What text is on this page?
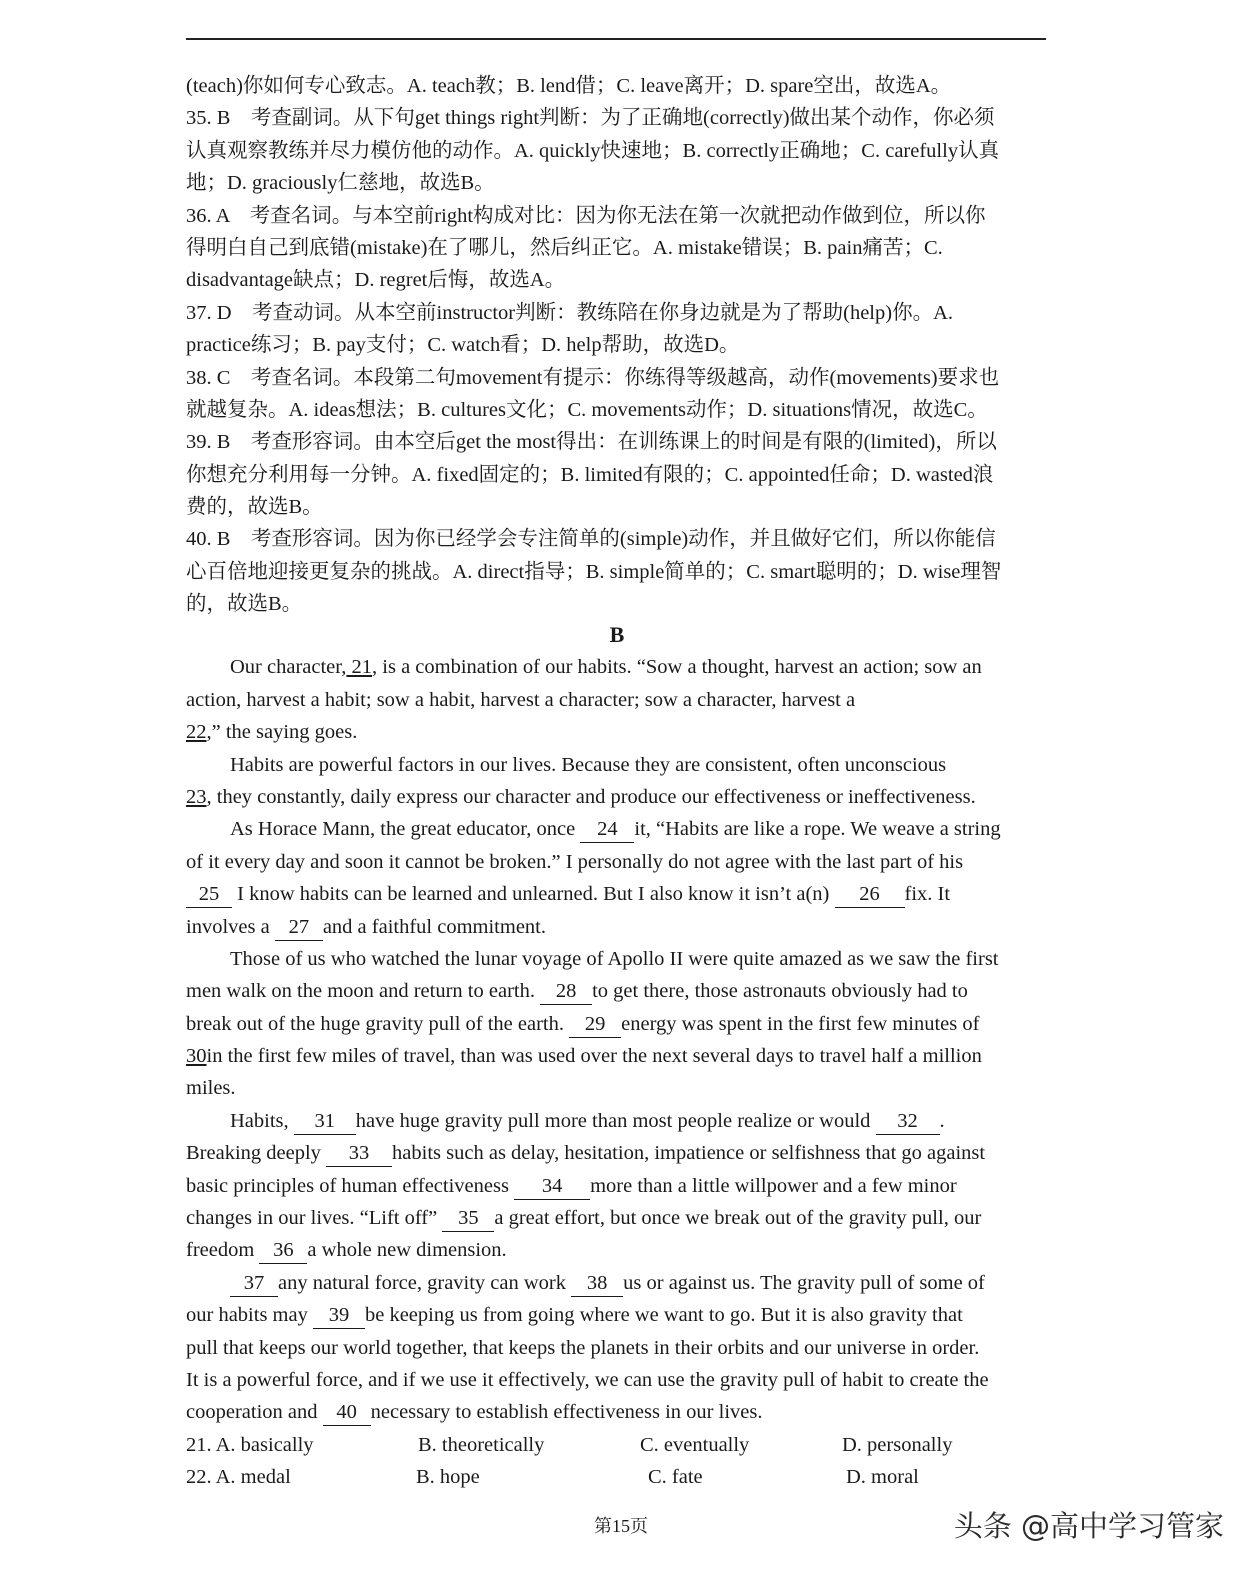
(teach)你如何专心致志。A. teach教；B. lend借；C. leave离开；D. spare空出，故选A。
35. B　考查副词。从下句get things right判断：为了正确地(correctly)做出某个动作，你必须
认真观察教练并尽力模仿他的动作。A. quickly快速地；B. correctly正确地；C. carefully认真
地；D. graciously仁慈地，故选B。
36. A　考查名词。与本空前right构成对比：因为你无法在第一次就把动作做到位，所以你
得明白自己到底错(mistake)在了哪儿，然后纠正它。A. mistake错误；B. pain痛苦；C.
disadvantage缺点；D. regret后悔，故选A。
37. D　考查动词。从本空前instructor判断：教练陪在你身边就是为了帮助(help)你。A.
practice练习；B. pay支付；C. watch看；D. help帮助，故选D。
38. C　考查名词。本段第二句movement有提示：你练得等级越高，动作(movements)要求也
就越复杂。A. ideas想法；B. cultures文化；C. movements动作；D. situations情况，故选C。
39. B　考查形容词。由本空后get the most得出：在训练课上的时间是有限的(limited)，所以
你想充分利用每一分钟。A. fixed固定的；B. limited有限的；C. appointed任命；D. wasted浪
费的，故选B。
40. B　考查形容词。因为你已经学会专注简单的(simple)动作，并且做好它们，所以你能信
心百倍地迎接更复杂的挑战。A. direct指导；B. simple简单的；C. smart聪明的；D. wise理智
的，故选B。
B
Our character, 21, is a combination of our habits. “Sow a thought, harvest an action; sow an
action, harvest a habit; sow a habit, harvest a character; sow a character, harvest a
22,” the saying goes.
Habits are powerful factors in our lives. Because they are consistent, often unconscious
23, they constantly, daily express our character and produce our effectiveness or ineffectiveness.
As Horace Mann, the great educator, once 24 it, “Habits are like a rope. We weave a string
of it every day and soon it cannot be broken.” I personally do not agree with the last part of his
25 I know habits can be learned and unlearned. But I also know it isn’t a(n) 26 fix. It
involves a 27 and a faithful commitment.
Those of us who watched the lunar voyage of Apollo II were quite amazed as we saw the first
men walk on the moon and return to earth. 28 to get there, those astronauts obviously had to
break out of the huge gravity pull of the earth. 29 energy was spent in the first few minutes of
30in the first few miles of travel, than was used over the next several days to travel half a million
miles.
Habits, 31 have huge gravity pull more than most people realize or would 32 .
Breaking deeply 33 habits such as delay, hesitation, impatience or selfishness that go against
basic principles of human effectiveness 34 more than a little willpower and a few minor
changes in our lives. “Lift off” 35 a great effort, but once we break out of the gravity pull, our
freedom 36 a whole new dimension.
37 any natural force, gravity can work 38 us or against us. The gravity pull of some of
our habits may 39 be keeping us from going where we want to go. But it is also gravity that
pull that keeps our world together, that keeps the planets in their orbits and our universe in order.
It is a powerful force, and if we use it effectively, we can use the gravity pull of habit to create the
cooperation and 40 necessary to establish effectiveness in our lives.
21. A. basically	B. theoretically	C. eventually	D. personally
22. A. medal	B. hope	C. fate	D. moral
第15页	头条 @高中学习管家
